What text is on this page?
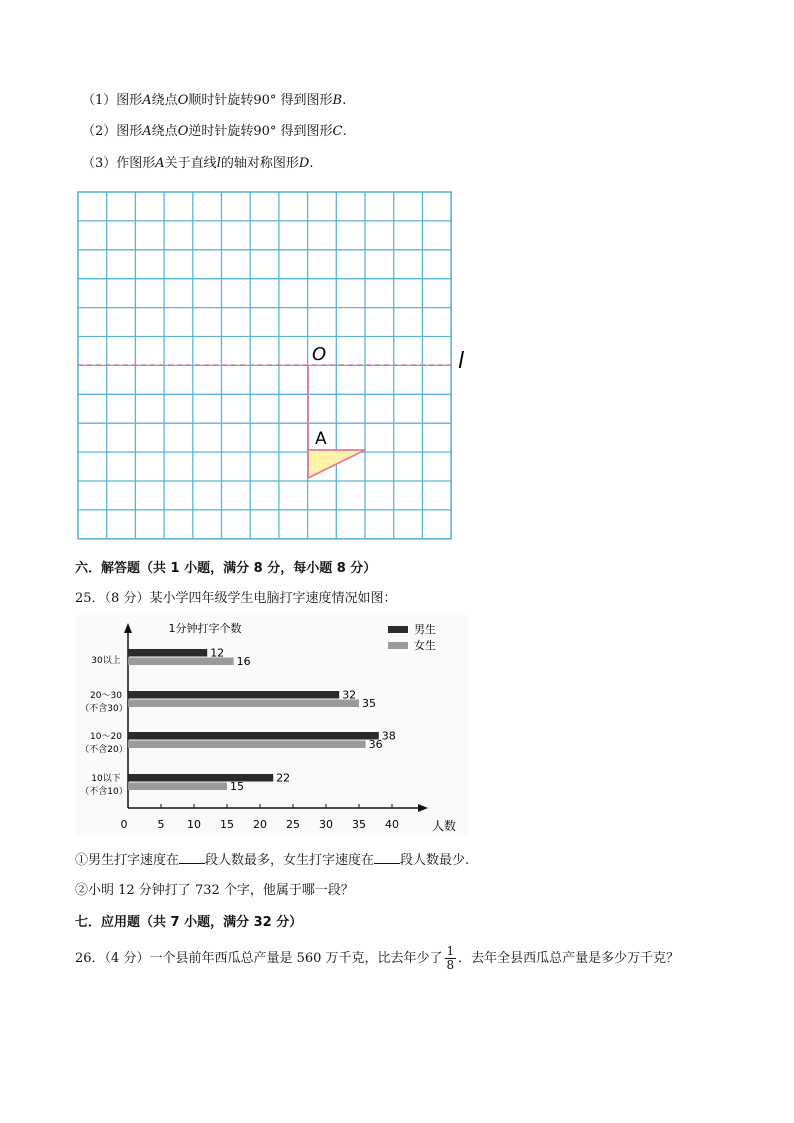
（1）图形A绕点O顺时针旋转90° 得到图形B.
（2）图形A绕点O逆时针旋转90° 得到图形C.
（3）作图形A关于直线l的轴对称图形D.
l
O
A
六．解答题（共 1 小题，满分 8 分，每小题 8 分）
25．（8 分）某小学四年级学生电脑打字速度情况如图：
0	5 10 15 20 25 30 35 40	人数
1分钟打字个数	男生
女生
30以上
12
16
20～30
（不含30）
32
35
10～20
（不含20）
38
36
10以下
（不含10）
22
15
①男生打字速度在 段人数最多，女生打字速度在 段人数最少.
②小明 12 分钟打了 732 个字，他属于哪一段？
七．应用题（共 7 小题，满分 32 分）
26．（4 分）一个县前年西瓜总产量是 560 万千克，比去年少了 $\frac{1}{8}$ ．去年全县西瓜总产量是多少万千克？
